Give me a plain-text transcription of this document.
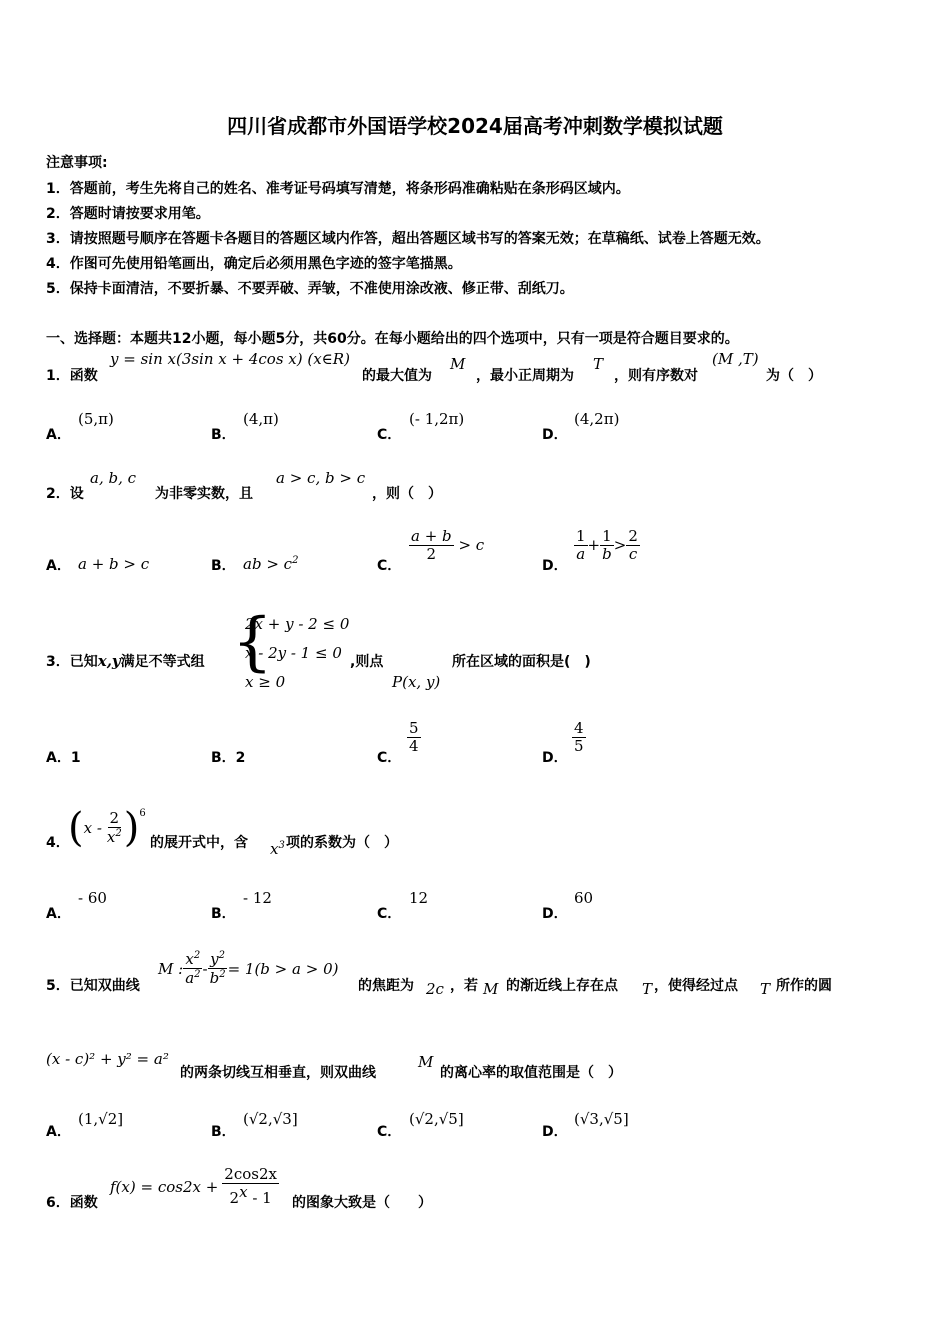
四川省成都市外国语学校2024届高考冲刺数学模拟试题
注意事项:
1．答题前，考生先将自己的姓名、准考证号码填写清楚，将条形码准确粘贴在条形码区域内。
2．答题时请按要求用笔。
3．请按照题号顺序在答题卡各题目的答题区域内作答，超出答题区域书写的答案无效；在草稿纸、试卷上答题无效。
4．作图可先使用铅笔画出，确定后必须用黑色字迹的签字笔描黑。
5．保持卡面清洁，不要折暴、不要弄破、弄皱，不准使用涂改液、修正带、刮纸刀。
一、选择题：本题共12小题，每小题5分，共60分。在每小题给出的四个选项中，只有一项是符合题目要求的。
1．函数
y = sin x(3sin x + 4cos x) (x∈R)
的最大值为
M
，最小正周期为
T
，则有序数对
(M ,T)
为（　）
A．
(5,π)
B．
(4,π)
C．
(- 1,2π)
D．
(4,2π)
2．设
a, b, c
为非零实数，且
a > c, b > c
，则（　）
A． a + b > c	B． ab > $c^2$	C．
$\frac{a + b}{2} > c$
D．
$\frac{1}{a} + \frac{1}{b} > \frac{2}{c}$
3．已知x,y满足不等式组 {
2x + y - 2 ≤ 0
x - 2y - 1 ≤ 0
x ≥ 0
,则点
P(x, y)
所在区域的面积是(　)
A．1	B．2	C．
$\frac{5}{4}$
D．
$\frac{4}{5}$
4．
( x - $\frac{2}{x^2} )^6$
的展开式中，含 $x^3$ 项的系数为（　）
A．
- 60
B．
- 12
C．
12
D．
60
5．已知双曲线
M : $\frac{x^2}{a^2} - \frac{y^2}{b^2} = 1(b > a > 0)$
的焦距为 2c ，若 M 的渐近线上存在点 T ，使得经过点 T 所作的圆
(x - c)² + y² = a²
的两条切线互相垂直，则双曲线
M
的离心率的取值范围是（　）
A．
(1,√2]
B．
(√2,√3]
C．
(√2,√5]
D．
(√3,√5]
6．函数
$f(x) = \cos 2x + \frac{2\cos 2x}{2^x - 1}$ 的图象大致是（　　）
